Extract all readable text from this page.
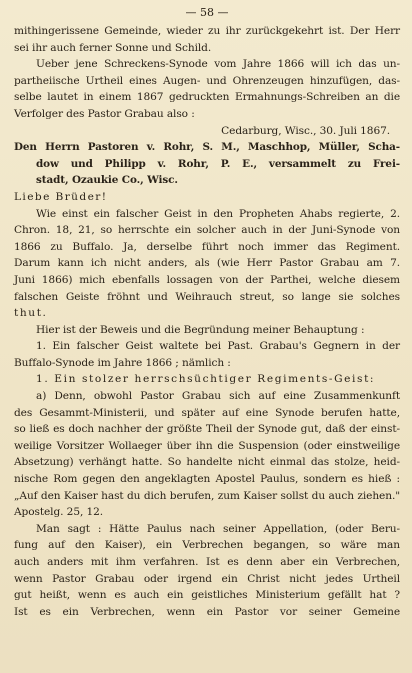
— 58 —
mithingerissene Gemeinde, wieder zu ihr zurückgekehrt ist. Der Herr
sei ihr auch ferner Sonne und Schild.
Ueber jene Schreckens-Synode vom Jahre 1866 will ich das un-
partheiische Urtheil eines Augen- und Ohrenzeugen hinzufügen, das-
selbe lautet in einem 1867 gedruckten Ermahnungs-Schreiben an die
Verfolger des Pastor Grabau also :
Cedarburg, Wisc., 30. Juli 1867.
Den Herrn Pastoren v. Rohr, S. M., Maschhop, Müller, Scha-
dow und Philipp v. Rohr, P. E., versammelt zu Frei-
stadt, Ozaukie Co., Wisc.
Liebe Brüder!
Wie einst ein falscher Geist in den Propheten Ahabs regierte, 2.
Chron. 18, 21, so herrschte ein solcher auch in der Juni-Synode von
1866 zu Buffalo. Ja, derselbe führt noch immer das Regiment.
Darum kann ich nicht anders, als (wie Herr Pastor Grabau am 7.
Juni 1866) mich ebenfalls lossagen von der Parthei, welche diesem
falschen Geiste fröhnt und Weihrauch streut, so lange sie solches
thut.
Hier ist der Beweis und die Begründung meiner Behauptung :
1. Ein falscher Geist waltete bei Past. Grabau's Gegnern in der
Buffalo-Synode im Jahre 1866 ; nämlich :
1. Ein stolzer herrschsüchtiger Regiments-Geist:
a) Denn, obwohl Pastor Grabau sich auf eine Zusammenkunft
des Gesammt-Ministerii, und später auf eine Synode berufen hatte,
so ließ es doch nachher der größte Theil der Synode gut, daß der einst-
weilige Vorsitzer Wollaeger über ihn die Suspension (oder einstweilige
Absetzung) verhängt hatte. So handelte nicht einmal das stolze, heid-
nische Rom gegen den angeklagten Apostel Paulus, sondern es hieß :
„Auf den Kaiser hast du dich berufen, zum Kaiser sollst du auch ziehen."
Apostelg. 25, 12.
Man sagt : Hätte Paulus nach seiner Appellation, (oder Beru-
fung auf den Kaiser), ein Verbrechen begangen, so wäre man
auch anders mit ihm verfahren. Ist es denn aber ein Verbrechen,
wenn Pastor Grabau oder irgend ein Christ nicht jedes Urtheil
gut heißt, wenn es auch ein geistliches Ministerium gefällt hat ?
Ist es ein Verbrechen, wenn ein Pastor vor seiner Gemeine
